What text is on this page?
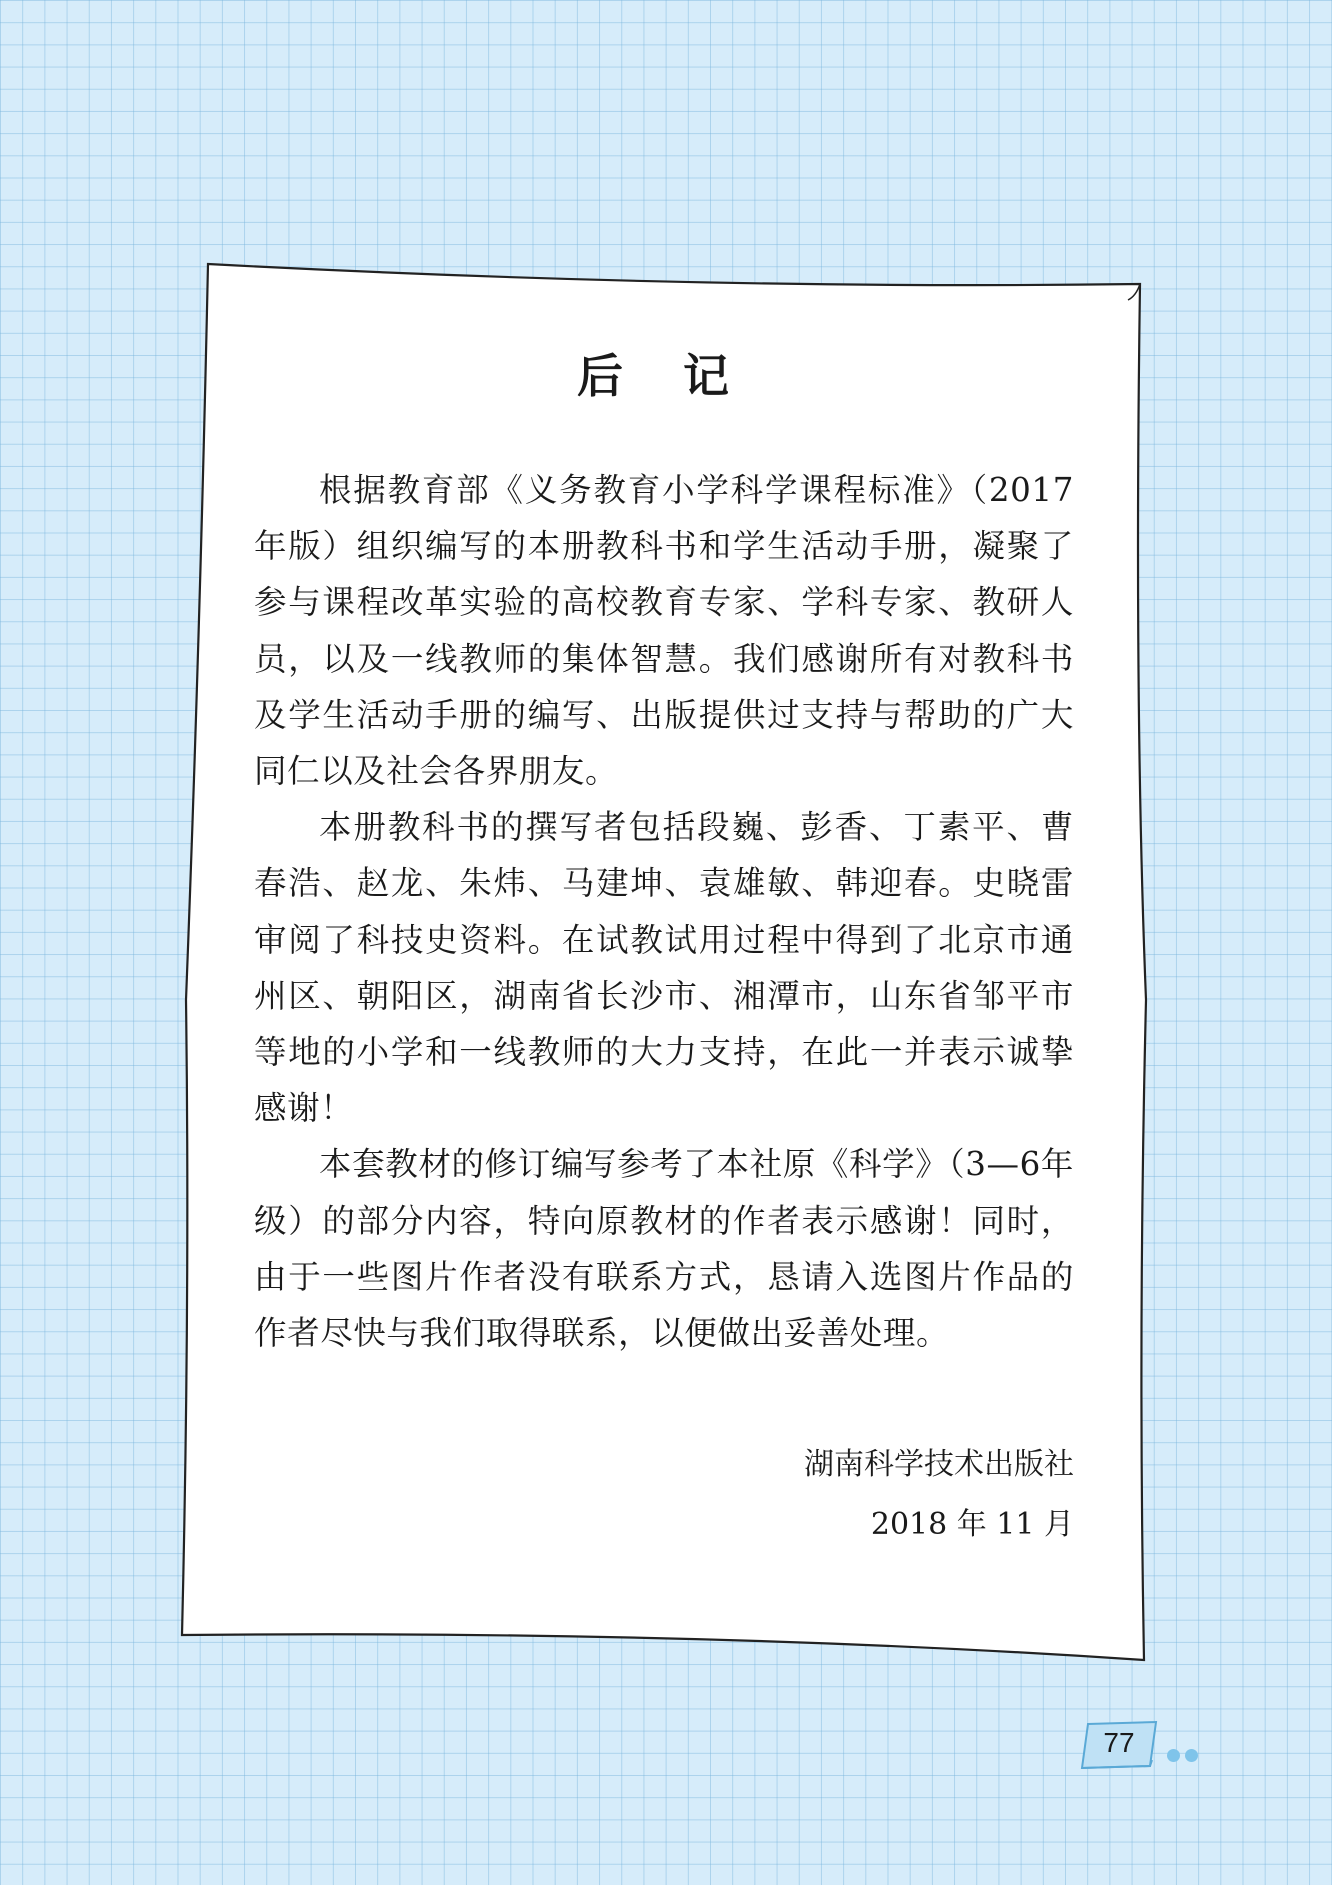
后 记

根据教育部《义务教育小学科学课程标准》（2017年版）组织编写的本册教科书和学生活动手册，凝聚了参与课程改革实验的高校教育专家、学科专家、教研人员，以及一线教师的集体智慧。我们感谢所有对教科书及学生活动手册的编写、出版提供过支持与帮助的广大同仁以及社会各界朋友。

本册教科书的撰写者包括段巍、彭香、丁素平、曹春浩、赵龙、朱炜、马建坤、袁雄敏、韩迎春。史晓雷审阅了科技史资料。在试教试用过程中得到了北京市通州区、朝阳区，湖南省长沙市、湘潭市，山东省邹平市等地的小学和一线教师的大力支持，在此一并表示诚挚感谢！

本套教材的修订编写参考了本社原《科学》（3—6年级）的部分内容，特向原教材的作者表示感谢！同时，由于一些图片作者没有联系方式，恳请入选图片作品的作者尽快与我们取得联系，以便做出妥善处理。

湖南科学技术出版社

2018 年 11 月

77
